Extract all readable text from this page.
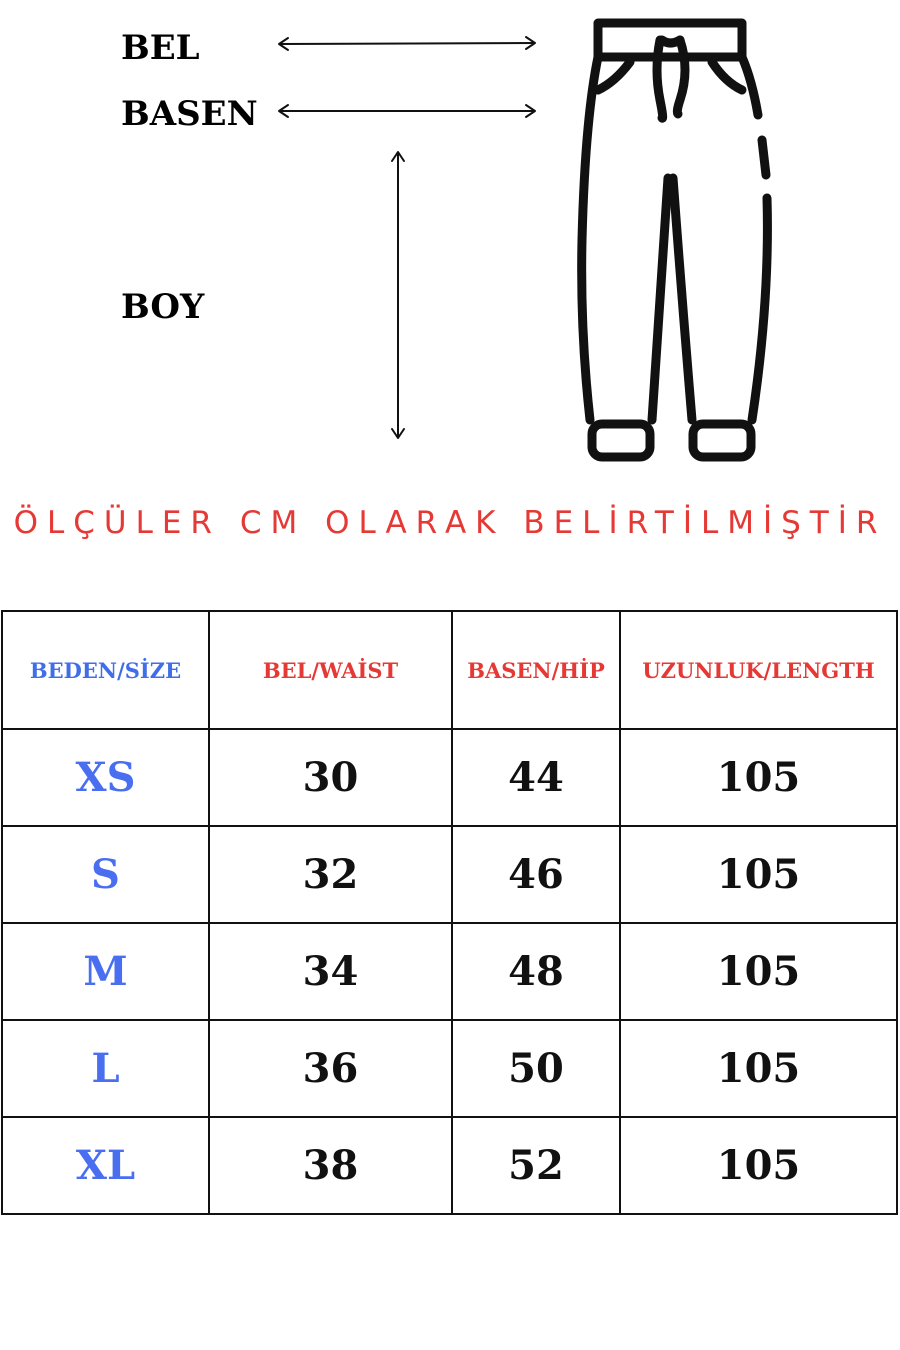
BEL
BASEN
BOY
ÖLÇÜLER CM OLARAK BELİRTİLMİŞTİR
BEDEN/SİZE	BEL/WAİST	BASEN/HİP	UZUNLUK/LENGTH
XS	30	44	105
S	32	46	105
M	34	48	105
L	36	50	105
XL	38	52	105
